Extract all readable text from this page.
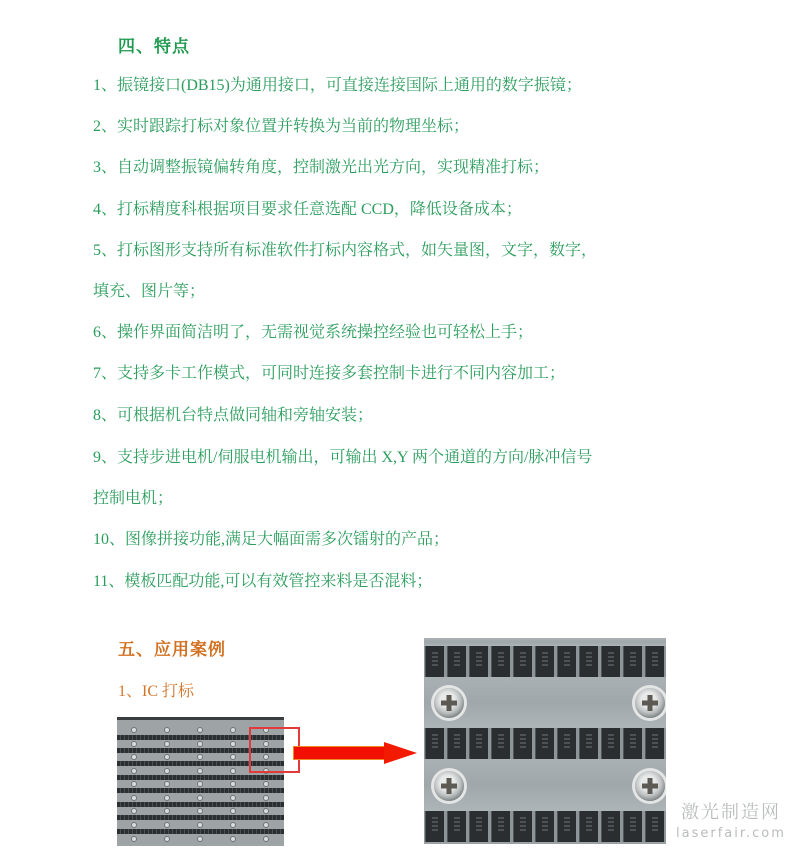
四、特点
1、振镜接口(DB15)为通用接口，可直接连接国际上通用的数字振镜；
2、实时跟踪打标对象位置并转换为当前的物理坐标；
3、自动调整振镜偏转角度，控制激光出光方向，实现精准打标；
4、打标精度科根据项目要求任意选配 CCD，降低设备成本；
5、打标图形支持所有标准软件打标内容格式，如矢量图，文字，数字，
填充、图片等；
6、操作界面简洁明了，无需视觉系统操控经验也可轻松上手；
7、支持多卡工作模式，可同时连接多套控制卡进行不同内容加工；
8、可根据机台特点做同轴和旁轴安装；
9、支持步进电机/伺服电机输出，可输出 X,Y 两个通道的方向/脉冲信号
控制电机；
10、图像拼接功能,满足大幅面需多次镭射的产品；
11、模板匹配功能,可以有效管控来料是否混料；
五、应用案例
1、IC 打标
激光制造网
laserfair.com
